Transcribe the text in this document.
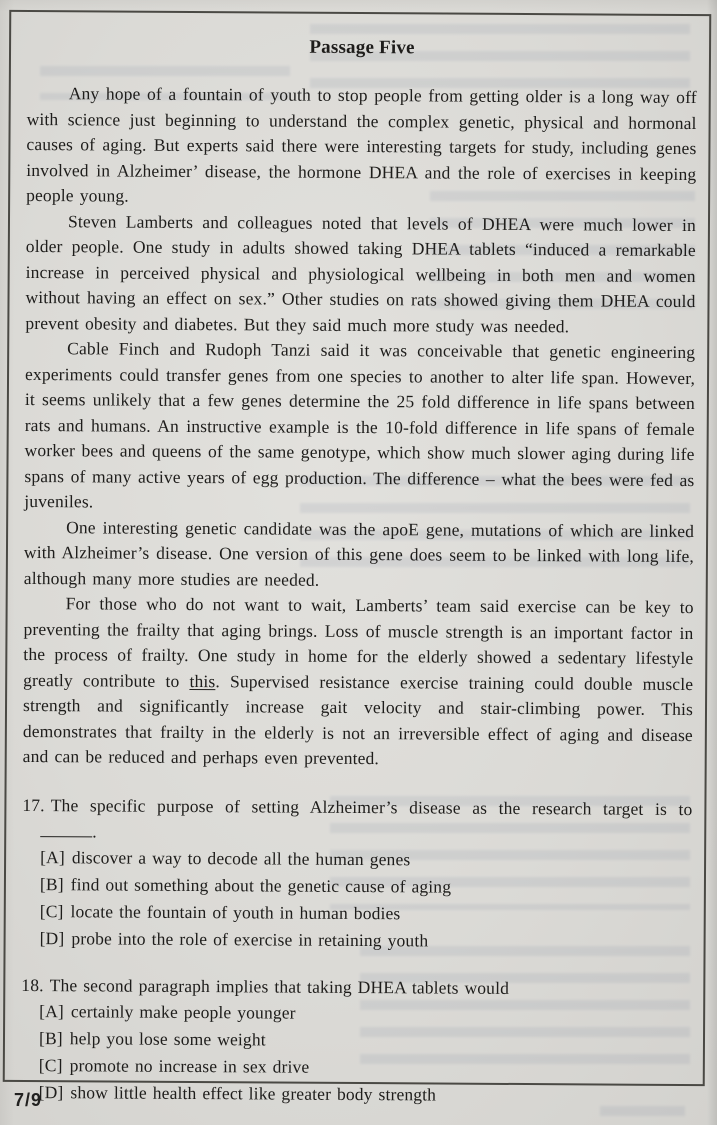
Passage Five

Any hope of a fountain of youth to stop people from getting older is a long way off with science just beginning to understand the complex genetic, physical and hormonal causes of aging. But experts said there were interesting targets for study, including genes involved in Alzheimer’ disease, the hormone DHEA and the role of exercises in keeping people young.

Steven Lamberts and colleagues noted that levels of DHEA were much lower in older people. One study in adults showed taking DHEA tablets “induced a remarkable increase in perceived physical and physiological wellbeing in both men and women without having an effect on sex.” Other studies on rats showed giving them DHEA could prevent obesity and diabetes. But they said much more study was needed.

Cable Finch and Rudoph Tanzi said it was conceivable that genetic engineering experiments could transfer genes from one species to another to alter life span. However, it seems unlikely that a few genes determine the 25 fold difference in life spans between rats and humans. An instructive example is the 10-fold difference in life spans of female worker bees and queens of the same genotype, which show much slower aging during life spans of many active years of egg production. The difference – what the bees were fed as juveniles.

One interesting genetic candidate was the apoE gene, mutations of which are linked with Alzheimer’s disease. One version of this gene does seem to be linked with long life, although many more studies are needed.

For those who do not want to wait, Lamberts’ team said exercise can be key to preventing the frailty that aging brings. Loss of muscle strength is an important factor in the process of frailty. One study in home for the elderly showed a sedentary lifestyle greatly contribute to this. Supervised resistance exercise training could double muscle strength and significantly increase gait velocity and stair-climbing power. This demonstrates that frailty in the elderly is not an irreversible effect of aging and disease and can be reduced and perhaps even prevented.

17. The specific purpose of setting Alzheimer’s disease as the research target is to
.
[A] discover a way to decode all the human genes
[B] find out something about the genetic cause of aging
[C] locate the fountain of youth in human bodies
[D] probe into the role of exercise in retaining youth
18. The second paragraph implies that taking DHEA tablets would
[A] certainly make people younger
[B] help you lose some weight
[C] promote no increase in sex drive
[D] show little health effect like greater body strength
7/9
